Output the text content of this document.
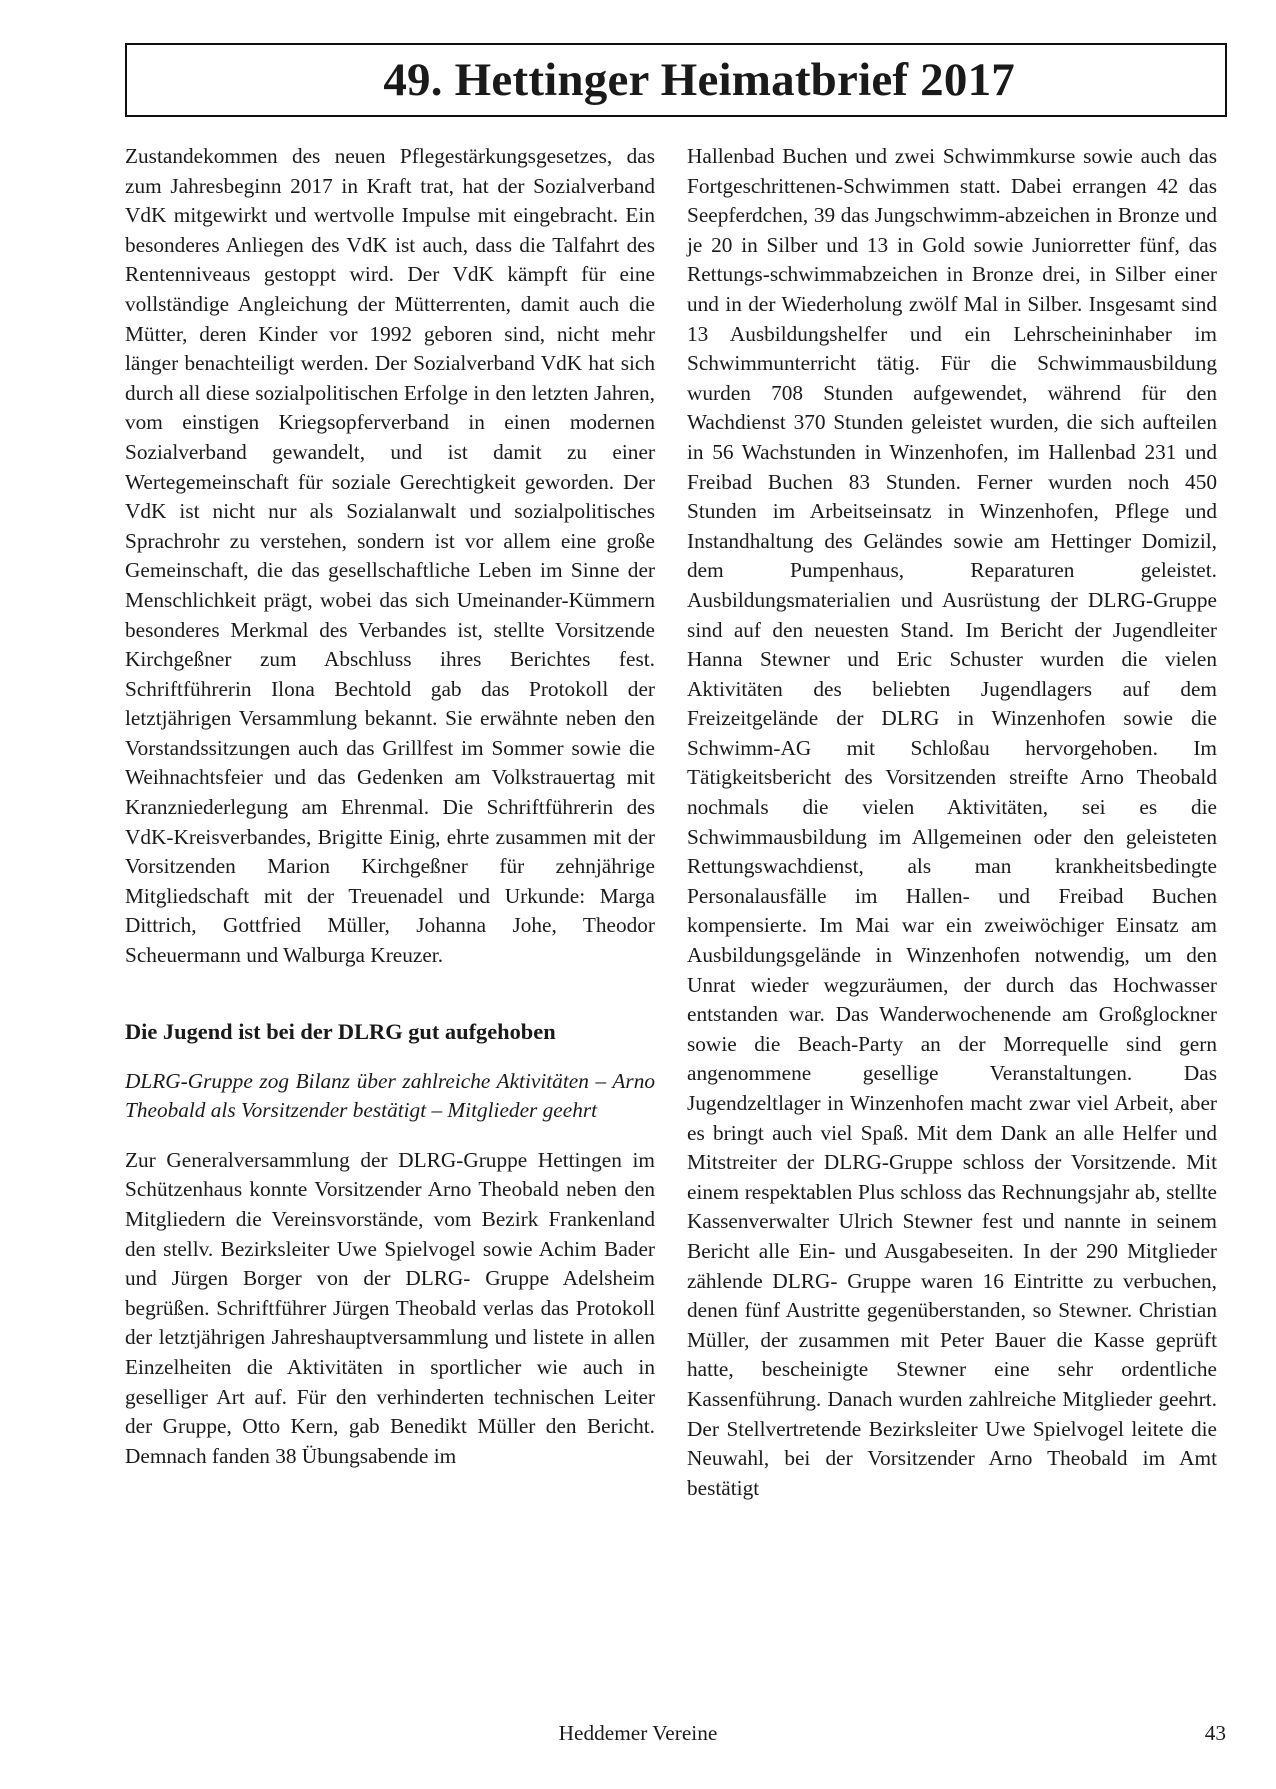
49. Hettinger Heimatbrief 2017

Zustandekommen des neuen Pflegestärkungsgesetzes, das zum Jahresbeginn 2017 in Kraft trat, hat der Sozialverband VdK mitgewirkt und wertvolle Impulse mit eingebracht. Ein besonderes Anliegen des VdK ist auch, dass die Talfahrt des Rentenniveaus gestoppt wird. Der VdK kämpft für eine vollständige Angleichung der Mütterrenten, damit auch die Mütter, deren Kinder vor 1992 geboren sind, nicht mehr länger benachteiligt werden. Der Sozialverband VdK hat sich durch all diese sozialpolitischen Erfolge in den letzten Jahren, vom einstigen Kriegsopferverband in einen modernen Sozialverband gewandelt, und ist damit zu einer Wertegemeinschaft für soziale Gerechtigkeit geworden. Der VdK ist nicht nur als Sozialanwalt und sozialpolitisches Sprachrohr zu verstehen, sondern ist vor allem eine große Gemeinschaft, die das gesellschaftliche Leben im Sinne der Menschlichkeit prägt, wobei das sich Umeinander-Kümmern besonderes Merkmal des Verbandes ist, stellte Vorsitzende Kirchgeßner zum Abschluss ihres Berichtes fest. Schriftführerin Ilona Bechtold gab das Protokoll der letztjährigen Versammlung bekannt. Sie erwähnte neben den Vorstandssitzungen auch das Grillfest im Sommer sowie die Weihnachtsfeier und das Gedenken am Volkstrauertag mit Kranzniederlegung am Ehrenmal. Die Schriftführerin des VdK-Kreisverbandes, Brigitte Einig, ehrte zusammen mit der Vorsitzenden Marion Kirchgeßner für zehnjährige Mitgliedschaft mit der Treuenadel und Urkunde: Marga Dittrich, Gottfried Müller, Johanna Johe, Theodor Scheuermann und Walburga Kreuzer.

Die Jugend ist bei der DLRG gut aufgehoben

DLRG-Gruppe zog Bilanz über zahlreiche Aktivitäten – Arno Theobald als Vorsitzender bestätigt – Mitglieder geehrt

Zur Generalversammlung der DLRG-Gruppe Hettingen im Schützenhaus konnte Vorsitzender Arno Theobald neben den Mitgliedern die Vereinsvorstände, vom Bezirk Frankenland den stellv. Bezirksleiter Uwe Spielvogel sowie Achim Bader und Jürgen Borger von der DLRG- Gruppe Adelsheim begrüßen. Schriftführer Jürgen Theobald verlas das Protokoll der letztjährigen Jahreshauptversammlung und listete in allen Einzelheiten die Aktivitäten in sportlicher wie auch in geselliger Art auf. Für den verhinderten technischen Leiter der Gruppe, Otto Kern, gab Benedikt Müller den Bericht. Demnach fanden 38 Übungsabende im

Hallenbad Buchen und zwei Schwimmkurse sowie auch das Fortgeschrittenen-Schwimmen statt. Dabei errangen 42 das Seepferdchen, 39 das Jungschwimm-abzeichen in Bronze und je 20 in Silber und 13 in Gold sowie Juniorretter fünf, das Rettungs-schwimmabzeichen in Bronze drei, in Silber einer und in der Wiederholung zwölf Mal in Silber. Insgesamt sind 13 Ausbildungshelfer und ein Lehrscheininhaber im Schwimmunterricht tätig. Für die Schwimmausbildung wurden 708 Stunden aufgewendet, während für den Wachdienst 370 Stunden geleistet wurden, die sich aufteilen in 56 Wachstunden in Winzenhofen, im Hallenbad 231 und Freibad Buchen 83 Stunden. Ferner wurden noch 450 Stunden im Arbeitseinsatz in Winzenhofen, Pflege und Instandhaltung des Geländes sowie am Hettinger Domizil, dem Pumpenhaus, Reparaturen geleistet. Ausbildungsmaterialien und Ausrüstung der DLRG-Gruppe sind auf den neuesten Stand. Im Bericht der Jugendleiter Hanna Stewner und Eric Schuster wurden die vielen Aktivitäten des beliebten Jugendlagers auf dem Freizeitgelände der DLRG in Winzenhofen sowie die Schwimm-AG mit Schloßau hervorgehoben. Im Tätigkeitsbericht des Vorsitzenden streifte Arno Theobald nochmals die vielen Aktivitäten, sei es die Schwimmausbildung im Allgemeinen oder den geleisteten Rettungswachdienst, als man krankheitsbedingte Personalausfälle im Hallen- und Freibad Buchen kompensierte. Im Mai war ein zweiwöchiger Einsatz am Ausbildungsgelände in Winzenhofen notwendig, um den Unrat wieder wegzuräumen, der durch das Hochwasser entstanden war. Das Wanderwochenende am Großglockner sowie die Beach-Party an der Morrequelle sind gern angenommene gesellige Veranstaltungen. Das Jugendzeltlager in Winzenhofen macht zwar viel Arbeit, aber es bringt auch viel Spaß. Mit dem Dank an alle Helfer und Mitstreiter der DLRG-Gruppe schloss der Vorsitzende. Mit einem respektablen Plus schloss das Rechnungsjahr ab, stellte Kassenverwalter Ulrich Stewner fest und nannte in seinem Bericht alle Ein- und Ausgabeseiten. In der 290 Mitglieder zählende DLRG- Gruppe waren 16 Eintritte zu verbuchen, denen fünf Austritte gegenüberstanden, so Stewner. Christian Müller, der zusammen mit Peter Bauer die Kasse geprüft hatte, bescheinigte Stewner eine sehr ordentliche Kassenführung. Danach wurden zahlreiche Mitglieder geehrt. Der Stellvertretende Bezirksleiter Uwe Spielvogel leitete die Neuwahl, bei der Vorsitzender Arno Theobald im Amt bestätigt

Heddemer Vereine	43
